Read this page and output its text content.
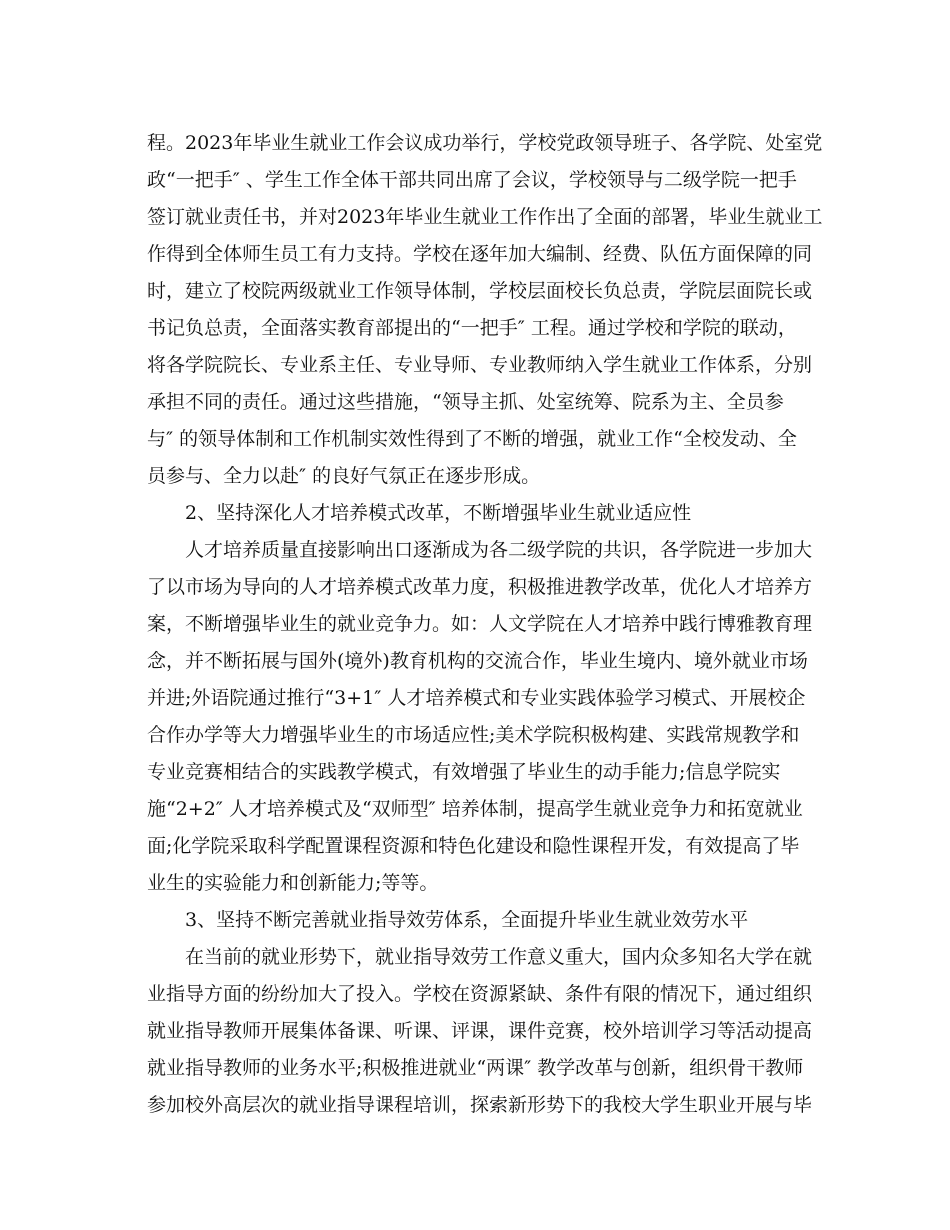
程。2023年毕业生就业工作会议成功举行，学校党政领导班子、各学院、处室党
政“一把手″ 、学生工作全体干部共同出席了会议，学校领导与二级学院一把手
签订就业责任书，并对2023年毕业生就业工作作出了全面的部署，毕业生就业工
作得到全体师生员工有力支持。学校在逐年加大编制、经费、队伍方面保障的同
时，建立了校院两级就业工作领导体制，学校层面校长负总责，学院层面院长或
书记负总责，全面落实教育部提出的“一把手″ 工程。通过学校和学院的联动，
将各学院院长、专业系主任、专业导师、专业教师纳入学生就业工作体系，分别
承担不同的责任。通过这些措施，“领导主抓、处室统筹、院系为主、全员参
与″ 的领导体制和工作机制实效性得到了不断的增强，就业工作“全校发动、全
员参与、全力以赴″ 的良好气氛正在逐步形成。
2、坚持深化人才培养模式改革，不断增强毕业生就业适应性
人才培养质量直接影响出口逐渐成为各二级学院的共识，各学院进一步加大
了以市场为导向的人才培养模式改革力度，积极推进教学改革，优化人才培养方
案，不断增强毕业生的就业竞争力。如：人文学院在人才培养中践行博雅教育理
念，并不断拓展与国外(境外)教育机构的交流合作，毕业生境内、境外就业市场
并进;外语院通过推行“3+1″ 人才培养模式和专业实践体验学习模式、开展校企
合作办学等大力增强毕业生的市场适应性;美术学院积极构建、实践常规教学和
专业竞赛相结合的实践教学模式，有效增强了毕业生的动手能力;信息学院实
施“2+2″ 人才培养模式及“双师型″ 培养体制，提高学生就业竞争力和拓宽就业
面;化学院采取科学配置课程资源和特色化建设和隐性课程开发，有效提高了毕
业生的实验能力和创新能力;等等。
3、坚持不断完善就业指导效劳体系，全面提升毕业生就业效劳水平
在当前的就业形势下，就业指导效劳工作意义重大，国内众多知名大学在就
业指导方面的纷纷加大了投入。学校在资源紧缺、条件有限的情况下，通过组织
就业指导教师开展集体备课、听课、评课，课件竞赛，校外培训学习等活动提高
就业指导教师的业务水平;积极推进就业“两课″ 教学改革与创新，组织骨干教师
参加校外高层次的就业指导课程培训，探索新形势下的我校大学生职业开展与毕
